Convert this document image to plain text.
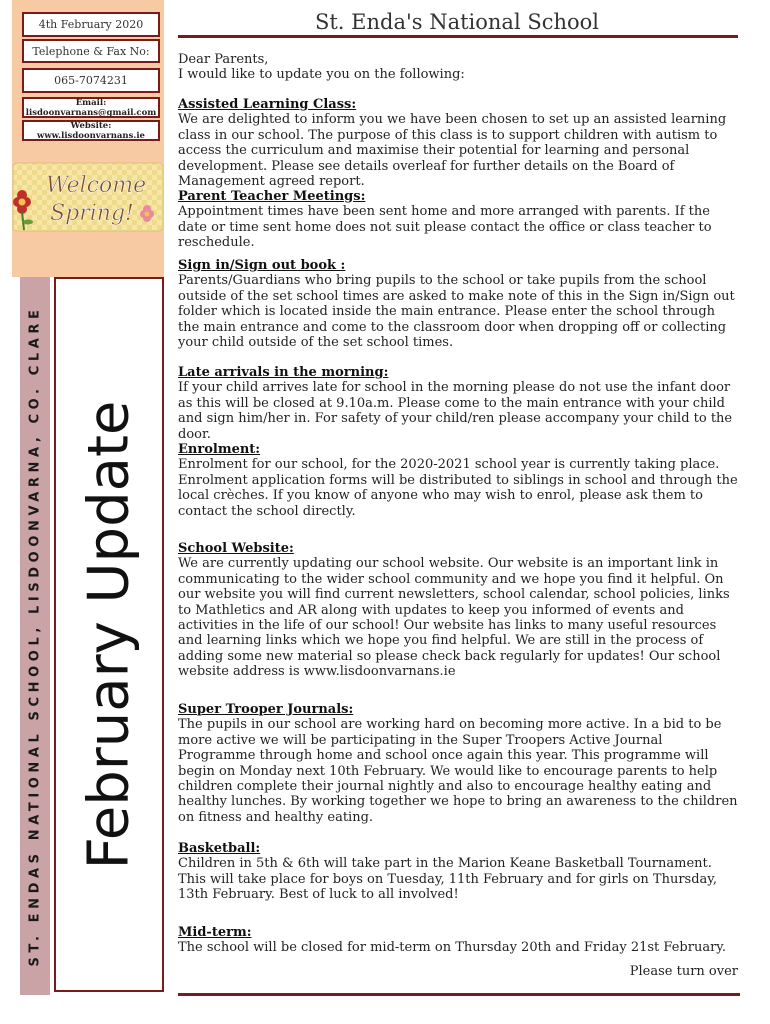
4th February 2020
Telephone & Fax No:
065-7074231
Email: lisdoonvarnans@gmail.com
Website: www.lisdoonvarnans.ie
Welcome
Spring!
ST. ENDAS NATIONAL SCHOOL, LISDOONVARNA, CO. CLARE February Update
St. Enda's National School

Dear Parents,

I would like to update you on the following:

Assisted Learning Class:

We are delighted to inform you we have been chosen to set up an assisted learning class in our school. The purpose of this class is to support children with autism to access the curriculum and maximise their potential for learning and personal development. Please see details overleaf for further details on the Board of Management agreed report.

Parent Teacher Meetings:

Appointment times have been sent home and more arranged with parents. If the date or time sent home does not suit please contact the office or class teacher to reschedule.

Sign in/Sign out book :

Parents/Guardians who bring pupils to the school or take pupils from the school outside of the set school times are asked to make note of this in the Sign in/Sign out folder which is located inside the main entrance. Please enter the school through the main entrance and come to the classroom door when dropping off or collecting your child outside of the set school times.

Late arrivals in the morning:

If your child arrives late for school in the morning please do not use the infant door as this will be closed at 9.10a.m. Please come to the main entrance with your child and sign him/her in. For safety of your child/ren please accompany your child to the door.

Enrolment:

Enrolment for our school, for the 2020-2021 school year is currently taking place. Enrolment application forms will be distributed to siblings in school and through the local crèches. If you know of anyone who may wish to enrol, please ask them to contact the school directly.

School Website:

We are currently updating our school website. Our website is an important link in communicating to the wider school community and we hope you find it helpful. On our website you will find current newsletters, school calendar, school policies, links to Mathletics and AR along with updates to keep you informed of events and activities in the life of our school! Our website has links to many useful resources and learning links which we hope you find helpful. We are still in the process of adding some new material so please check back regularly for updates! Our school website address is www.lisdoonvarnans.ie

Super Trooper Journals:

The pupils in our school are working hard on becoming more active. In a bid to be more active we will be participating in the Super Troopers Active Journal Programme through home and school once again this year. This programme will begin on Monday next 10th February. We would like to encourage parents to help children complete their journal nightly and also to encourage healthy eating and healthy lunches. By working together we hope to bring an awareness to the children on fitness and healthy eating.

Basketball:

Children in 5th & 6th will take part in the Marion Keane Basketball Tournament. This will take place for boys on Tuesday, 11th February and for girls on Thursday, 13th February. Best of luck to all involved!

Mid-term:

The school will be closed for mid-term on Thursday 20th and Friday 21st February.

Please turn over
